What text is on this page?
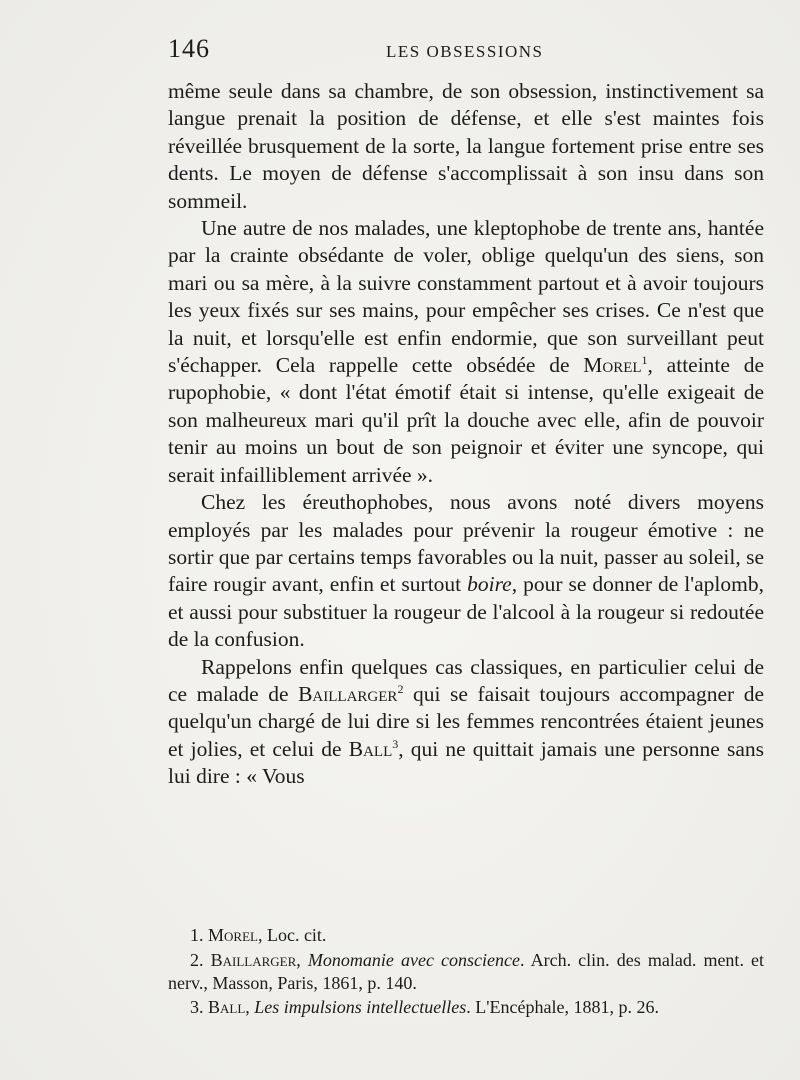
146	LES OBSESSIONS

même seule dans sa chambre, de son obsession, instinctivement sa langue prenait la position de défense, et elle s'est maintes fois réveillée brusquement de la sorte, la langue fortement prise entre ses dents. Le moyen de défense s'accomplissait à son insu dans son sommeil.

Une autre de nos malades, une kleptophobe de trente ans, hantée par la crainte obsédante de voler, oblige quelqu'un des siens, son mari ou sa mère, à la suivre constamment partout et à avoir toujours les yeux fixés sur ses mains, pour empêcher ses crises. Ce n'est que la nuit, et lorsqu'elle est enfin endormie, que son surveillant peut s'échapper. Cela rappelle cette obsédée de Morel$^1$, atteinte de rupophobie, « dont l'état émotif était si intense, qu'elle exigeait de son malheureux mari qu'il prît la douche avec elle, afin de pouvoir tenir au moins un bout de son peignoir et éviter une syncope, qui serait infailliblement arrivée ».

Chez les éreuthophobes, nous avons noté divers moyens employés par les malades pour prévenir la rougeur émotive : ne sortir que par certains temps favorables ou la nuit, passer au soleil, se faire rougir avant, enfin et surtout boire, pour se donner de l'aplomb, et aussi pour substituer la rougeur de l'alcool à la rougeur si redoutée de la confusion.

Rappelons enfin quelques cas classiques, en particulier celui de ce malade de Baillarger$^2$ qui se faisait toujours accompagner de quelqu'un chargé de lui dire si les femmes rencontrées étaient jeunes et jolies, et celui de Ball$^3$, qui ne quittait jamais une personne sans lui dire : « Vous

1. Morel, Loc. cit.

2. Baillarger, Monomanie avec conscience. Arch. clin. des malad. ment. et nerv., Masson, Paris, 1861, p. 140.

3. Ball, Les impulsions intellectuelles. L'Encéphale, 1881, p. 26.
